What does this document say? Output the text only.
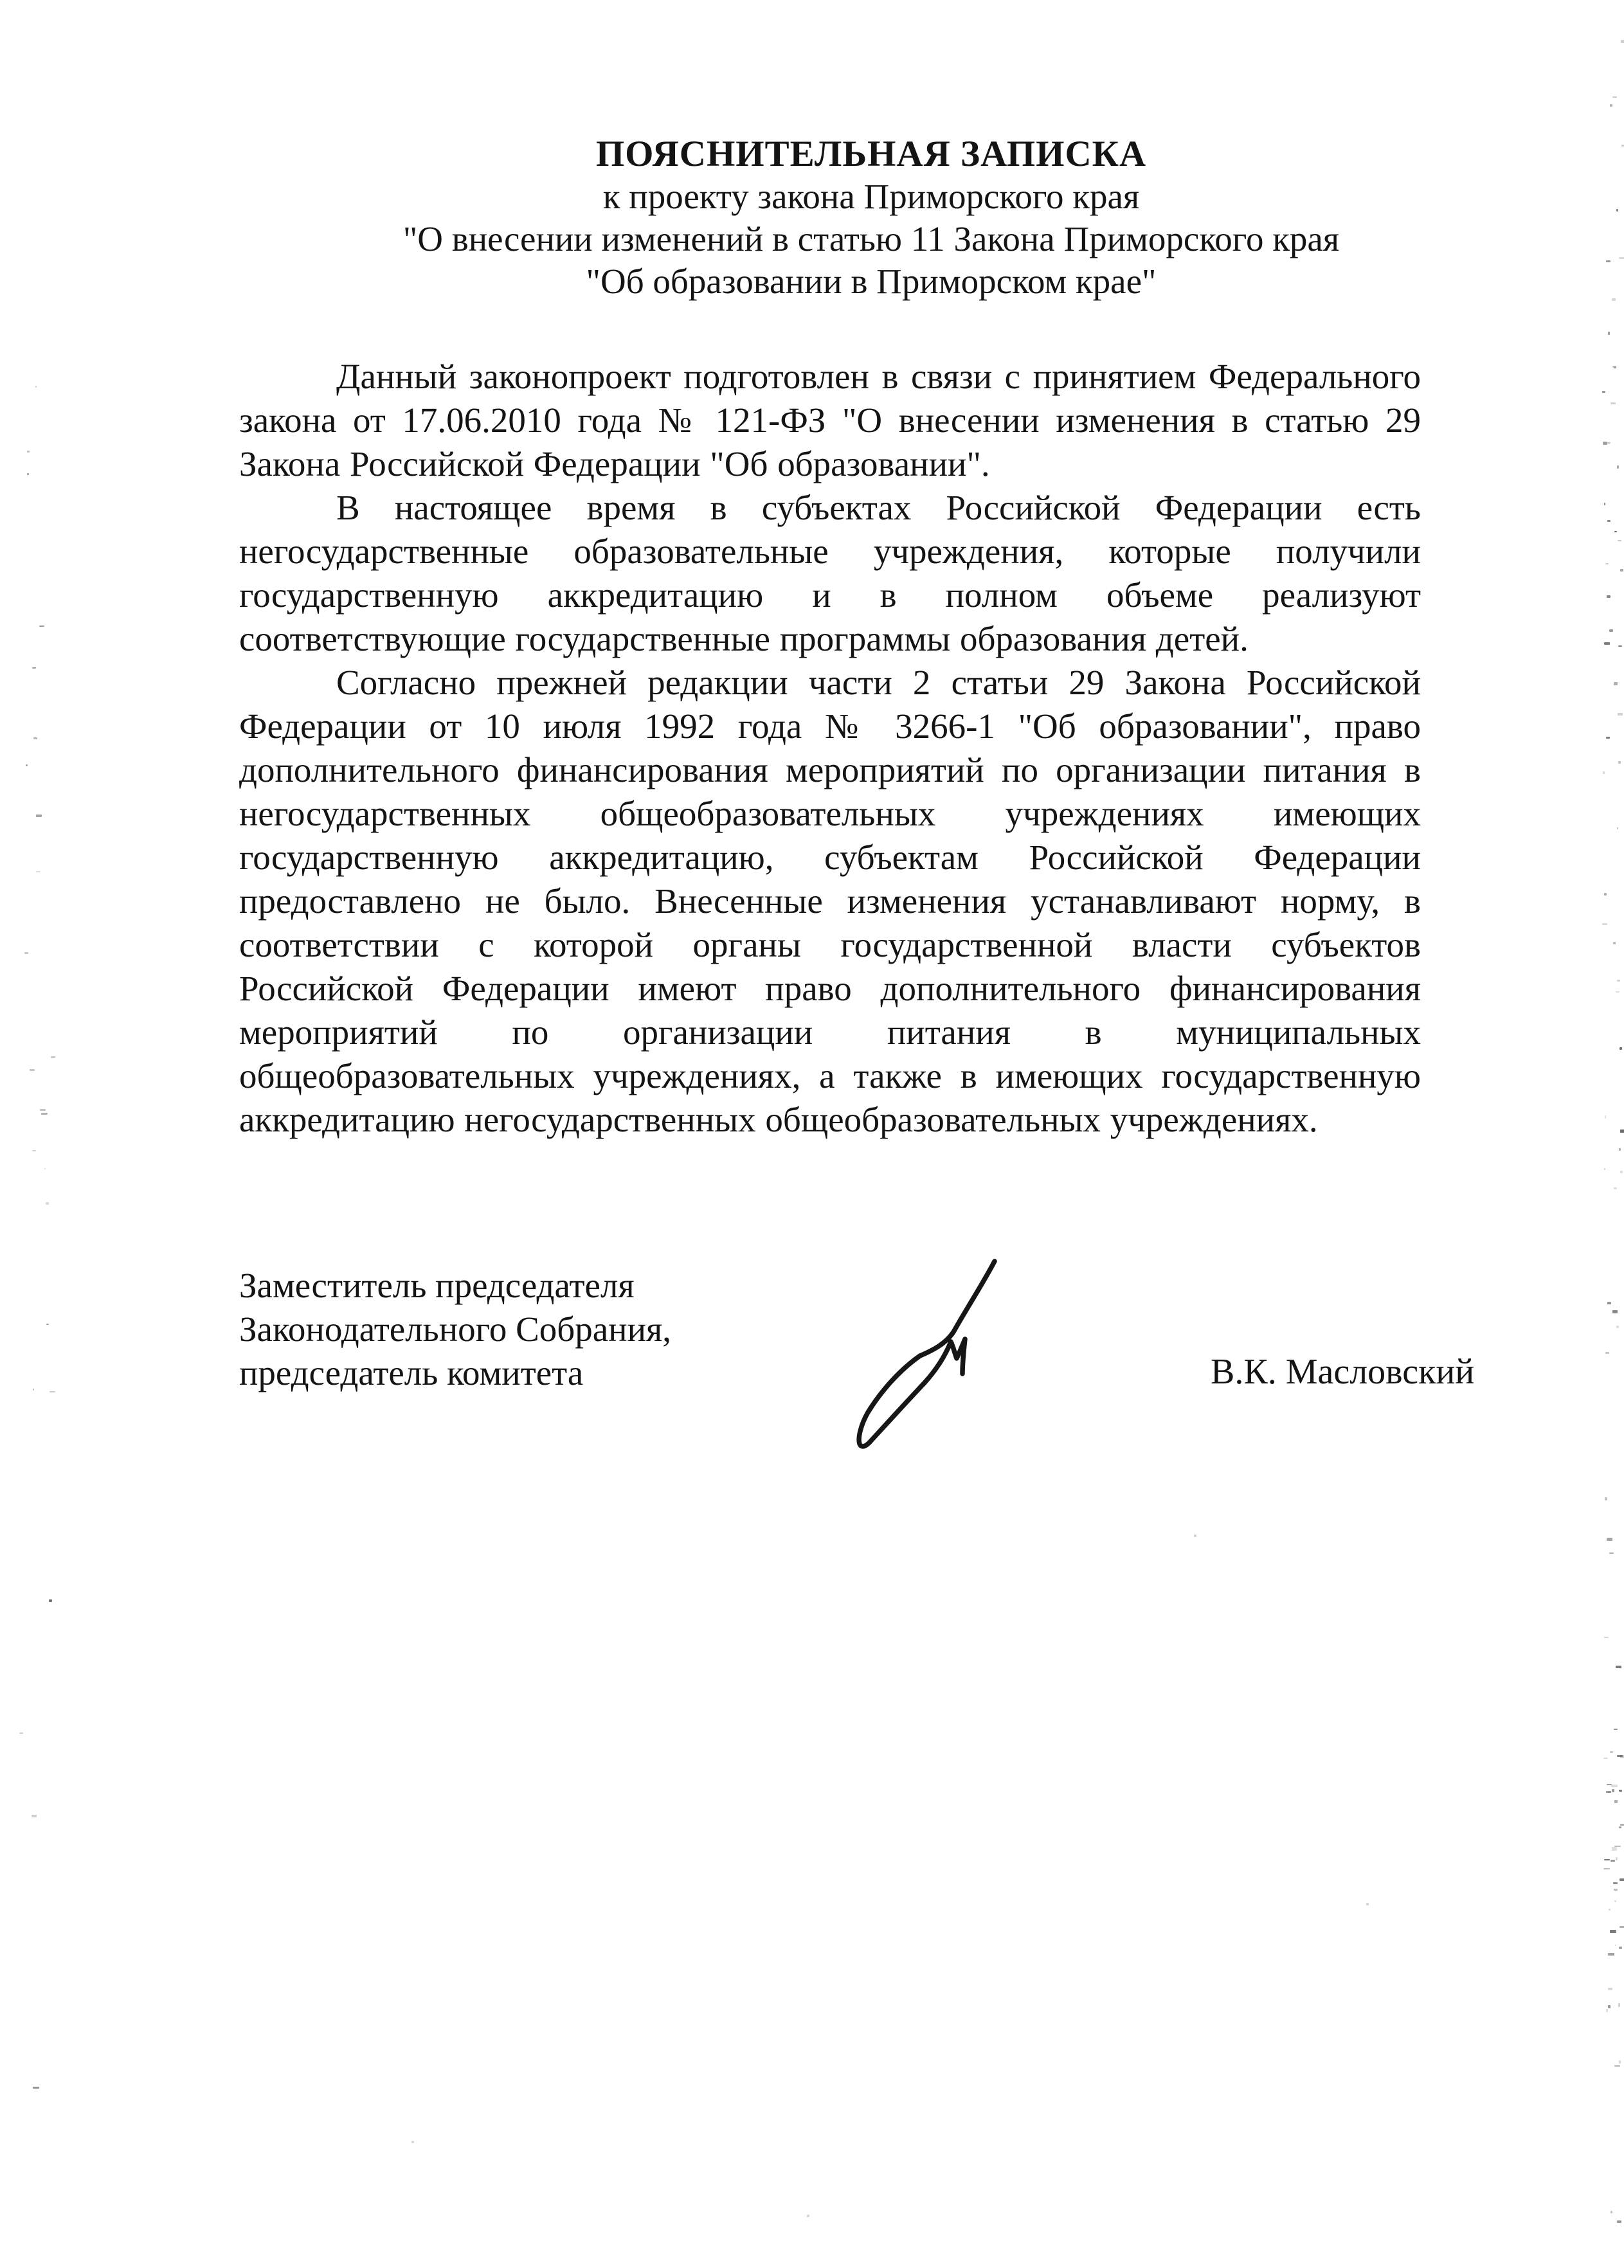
ПОЯСНИТЕЛЬНАЯ ЗАПИСКА
к проекту закона Приморского края
"О внесении изменений в статью 11 Закона Приморского края
"Об образовании в Приморском крае"
Данный законопроект подготовлен в связи с принятием Федерального
закона от 17.06.2010 года № 121-ФЗ "О внесении изменения в статью 29
Закона Российской Федерации "Об образовании".
В настоящее время в субъектах Российской Федерации есть
негосударственные образовательные учреждения, которые получили
государственную аккредитацию и в полном объеме реализуют
соответствующие государственные программы образования детей.
Согласно прежней редакции части 2 статьи 29 Закона Российской
Федерации от 10 июля 1992 года № 3266-1 "Об образовании", право
дополнительного финансирования мероприятий по организации питания в
негосударственных общеобразовательных учреждениях имеющих
государственную аккредитацию, субъектам Российской Федерации
предоставлено не было. Внесенные изменения устанавливают норму, в
соответствии с которой органы государственной власти субъектов
Российской Федерации имеют право дополнительного финансирования
мероприятий по организации питания в муниципальных
общеобразовательных учреждениях, а также в имеющих государственную
аккредитацию негосударственных общеобразовательных учреждениях.
Заместитель председателя
Законодательного Собрания,
председатель комитета	В.К. Масловский
